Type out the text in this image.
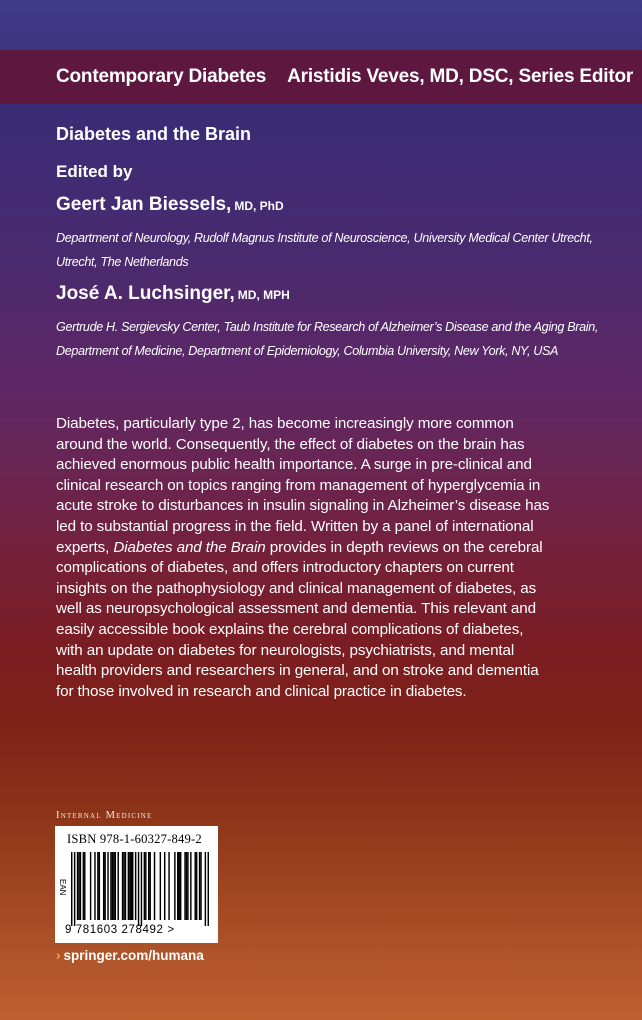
Contemporary Diabetes Aristidis Veves, MD, DSC, Series Editor
Diabetes and the Brain
Edited by
Geert Jan Biessels, MD, PhD
Department of Neurology, Rudolf Magnus Institute of Neuroscience, University Medical Center Utrecht,
Utrecht, The Netherlands
José A. Luchsinger, MD, MPH
Gertrude H. Sergievsky Center, Taub Institute for Research of Alzheimer’s Disease and the Aging Brain,
Department of Medicine, Department of Epidemiology, Columbia University, New York, NY, USA
Diabetes, particularly type 2, has become increasingly more common
around the world. Consequently, the effect of diabetes on the brain has
achieved enormous public health importance. A surge in pre-clinical and
clinical research on topics ranging from management of hyperglycemia in
acute stroke to disturbances in insulin signaling in Alzheimer’s disease has
led to substantial progress in the field. Written by a panel of international
experts, Diabetes and the Brain provides in depth reviews on the cerebral
complications of diabetes, and offers introductory chapters on current
insights on the pathophysiology and clinical management of diabetes, as
well as neuropsychological assessment and dementia. This relevant and
easily accessible book explains the cerebral complications of diabetes,
with an update on diabetes for neurologists, psychiatrists, and mental
health providers and researchers in general, and on stroke and dementia
for those involved in research and clinical practice in diabetes.
Internal Medicine
ISBN 978-1-60327-849-2
EAN
9 781603 278492 >
› springer.com/humana
